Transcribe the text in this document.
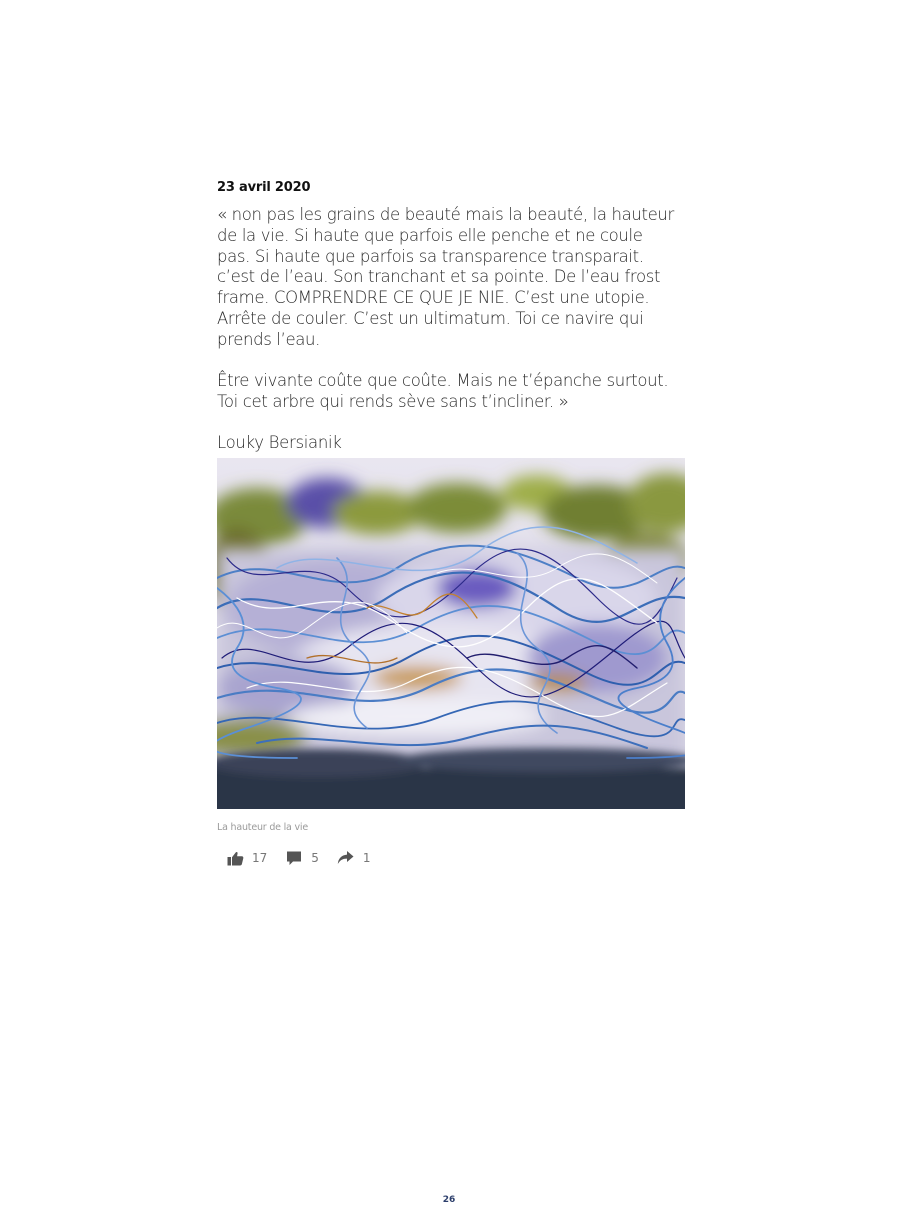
23 avril 2020

« non pas les grains de beauté mais la beauté, la hauteur
de la vie. Si haute que parfois elle penche et ne coule
pas. Si haute que parfois sa transparence transparait.
c’est de l’eau. Son tranchant et sa pointe. De l’eau frost
frame. COMPRENDRE CE QUE JE NIE. C’est une utopie.
Arrête de couler. C’est un ultimatum. Toi ce navire qui
prends l’eau.

Être vivante coûte que coûte. Mais ne t’épanche surtout.
Toi cet arbre qui rends sève sans t’incliner. »

Louky Bersianik
La hauteur de la vie
17	5	1
26
